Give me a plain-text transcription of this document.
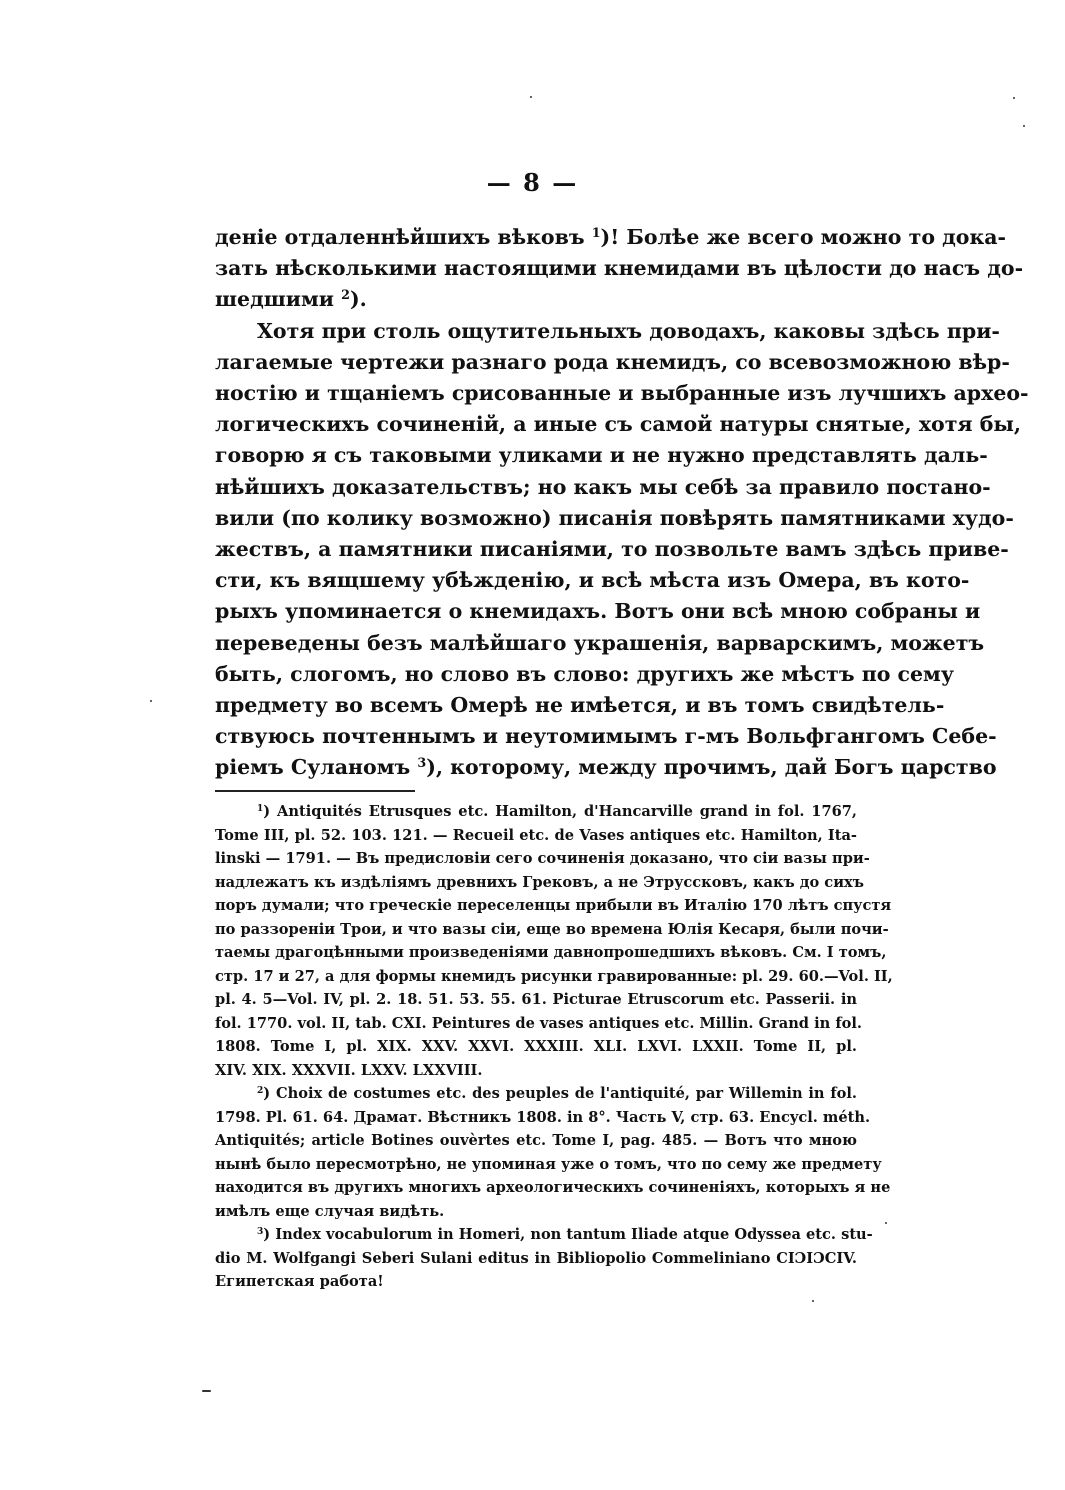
— 8 —

деніе отдаленнѣйшихъ вѣковъ $^1$)! Болѣе же всего можно то дока-
зать нѣсколькими настоящими кнемидами въ цѣлости до насъ до-
шедшими $^2$).

Хотя при столь ощутительныхъ доводахъ, каковы здѣсь при-
лагаемые чертежи разнаго рода кнемидъ, со всевозможною вѣр-
ностію и тщаніемъ срисованные и выбранные изъ лучшихъ архео-
логическихъ сочиненій, а иные съ самой натуры снятые, хотя бы,
говорю я съ таковыми уликами и не нужно представлять даль-
нѣйшихъ доказательствъ; но какъ мы себѣ за правило постано-
вили (по колику возможно) писанія повѣрять памятниками худо-
жествъ, а памятники писаніями, то позвольте вамъ здѣсь приве-
сти, къ вящшему убѣжденію, и всѣ мѣста изъ Омера, въ кото-
рыхъ упоминается о кнемидахъ. Вотъ они всѣ мною собраны и
переведены безъ малѣйшаго украшенія, варварскимъ, можетъ
быть, слогомъ, но слово въ слово: другихъ же мѣстъ по сему
предмету во всемъ Омерѣ не имѣется, и въ томъ свидѣтель-
ствуюсь почтеннымъ и неутомимымъ г-мъ Вольфгангомъ Себе-
ріемъ Суланомъ $^3$), которому, между прочимъ, дай Богъ царство

$^1$) Antiquités Etrusques etc. Hamilton, d'Hancarville grand in fol. 1767,
Tome III, pl. 52. 103. 121. — Recueil etc. de Vases antiques etc. Hamilton, Ita-
linski — 1791. — Въ предисловіи сего сочиненія доказано, что сіи вазы при-
надлежатъ къ издѣліямъ древнихъ Грековъ, а не Этруссковъ, какъ до сихъ
поръ думали; что греческіе переселенцы прибыли въ Италію 170 лѣтъ спустя
по раззореніи Трои, и что вазы сіи, еще во времена Юлія Кесаря, были почи-
таемы драгоцѣнными произведеніями давнопрошедшихъ вѣковъ. См. I томъ,
стр. 17 и 27, а для формы кнемидъ рисунки гравированные: pl. 29. 60.—Vol. II,
pl. 4. 5—Vol. IV, pl. 2. 18. 51. 53. 55. 61. Picturae Etruscorum etc. Passerii. in
fol. 1770. vol. II, tab. CXI. Peintures de vases antiques etc. Millin. Grand in fol.
1808. Tome I, pl. XIX. XXV. XXVI. XXXIII. XLI. LXVI. LXXII. Tome II, pl.
XIV. XIX. XXXVII. LXXV. LXXVIII.
$^2$) Choix de costumes etc. des peuples de l'antiquité, par Willemin in fol.
1798. Pl. 61. 64. Драмат. Вѣстникъ 1808. in 8°. Часть V, стр. 63. Encycl. méth.
Antiquités; article Botines ouvèrtes etc. Tome I, pag. 485. — Вотъ что мною
нынѣ было пересмотрѣно, не упоминая уже о томъ, что по сему же предмету
находится въ другихъ многихъ археологическихъ сочиненіяхъ, которыхъ я не
имѣлъ еще случая видѣть.
$^3$) Index vocabulorum in Homeri, non tantum Iliade atque Odyssea etc. stu-
dio M. Wolfgangi Seberi Sulani editus in Bibliopolio Commeliniano CIƆIƆCIV.
Египетская работа!
